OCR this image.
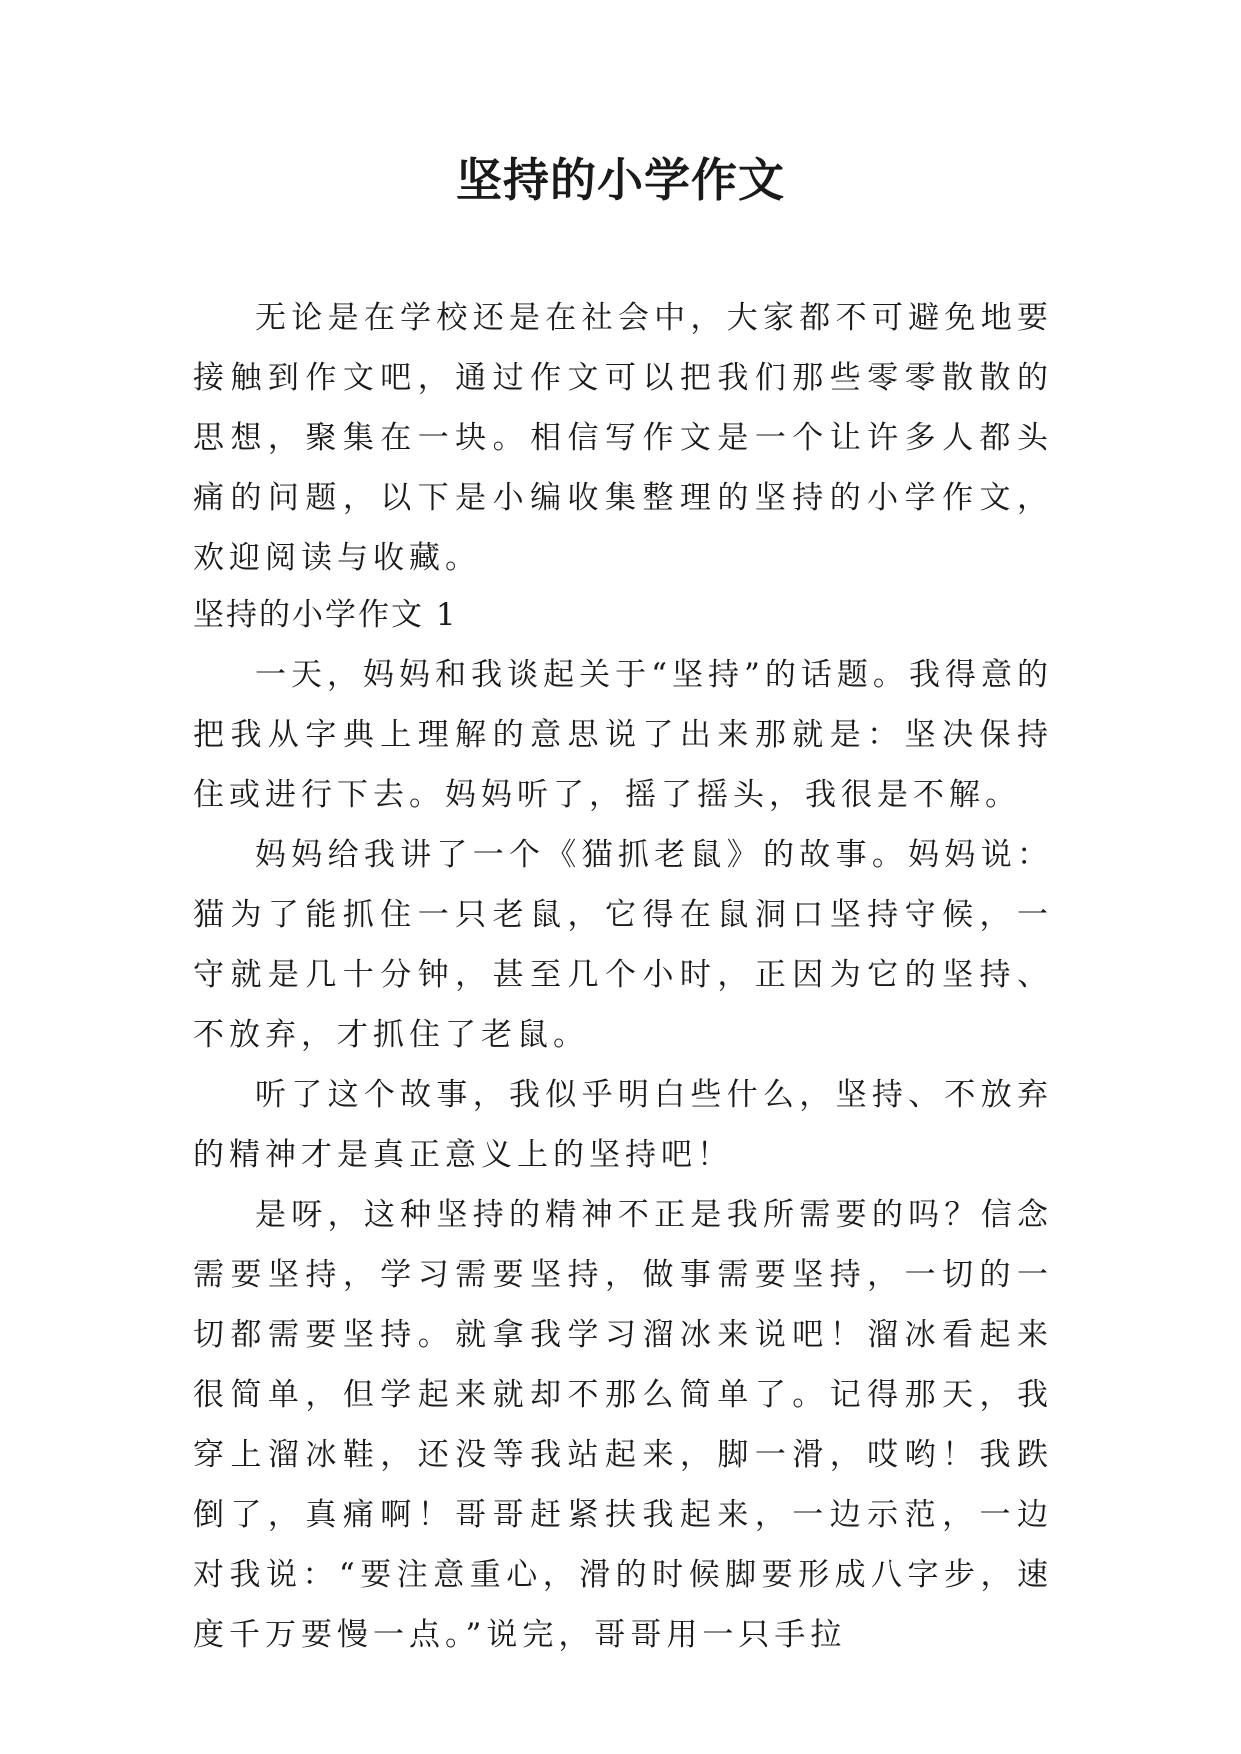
坚持的小学作文

无论是在学校还是在社会中，大家都不可避免地要接触到作文吧，通过作文可以把我们那些零零散散的思想，聚集在一块。相信写作文是一个让许多人都头痛的问题，以下是小编收集整理的坚持的小学作文，欢迎阅读与收藏。

坚持的小学作文 1

一天，妈妈和我谈起关于“坚持”的话题。我得意的把我从字典上理解的意思说了出来那就是：坚决保持住或进行下去。妈妈听了，摇了摇头，我很是不解。

妈妈给我讲了一个《猫抓老鼠》的故事。妈妈说：猫为了能抓住一只老鼠，它得在鼠洞口坚持守候，一守就是几十分钟，甚至几个小时，正因为它的坚持、不放弃，才抓住了老鼠。

听了这个故事，我似乎明白些什么，坚持、不放弃的精神才是真正意义上的坚持吧！

是呀，这种坚持的精神不正是我所需要的吗？信念需要坚持，学习需要坚持，做事需要坚持，一切的一切都需要坚持。就拿我学习溜冰来说吧！溜冰看起来很简单，但学起来就却不那么简单了。记得那天，我穿上溜冰鞋，还没等我站起来，脚一滑，哎哟！我跌倒了，真痛啊！哥哥赶紧扶我起来，一边示范，一边对我说：“要注意重心，滑的时候脚要形成八字步，速度千万要慢一点。”说完，哥哥用一只手拉
